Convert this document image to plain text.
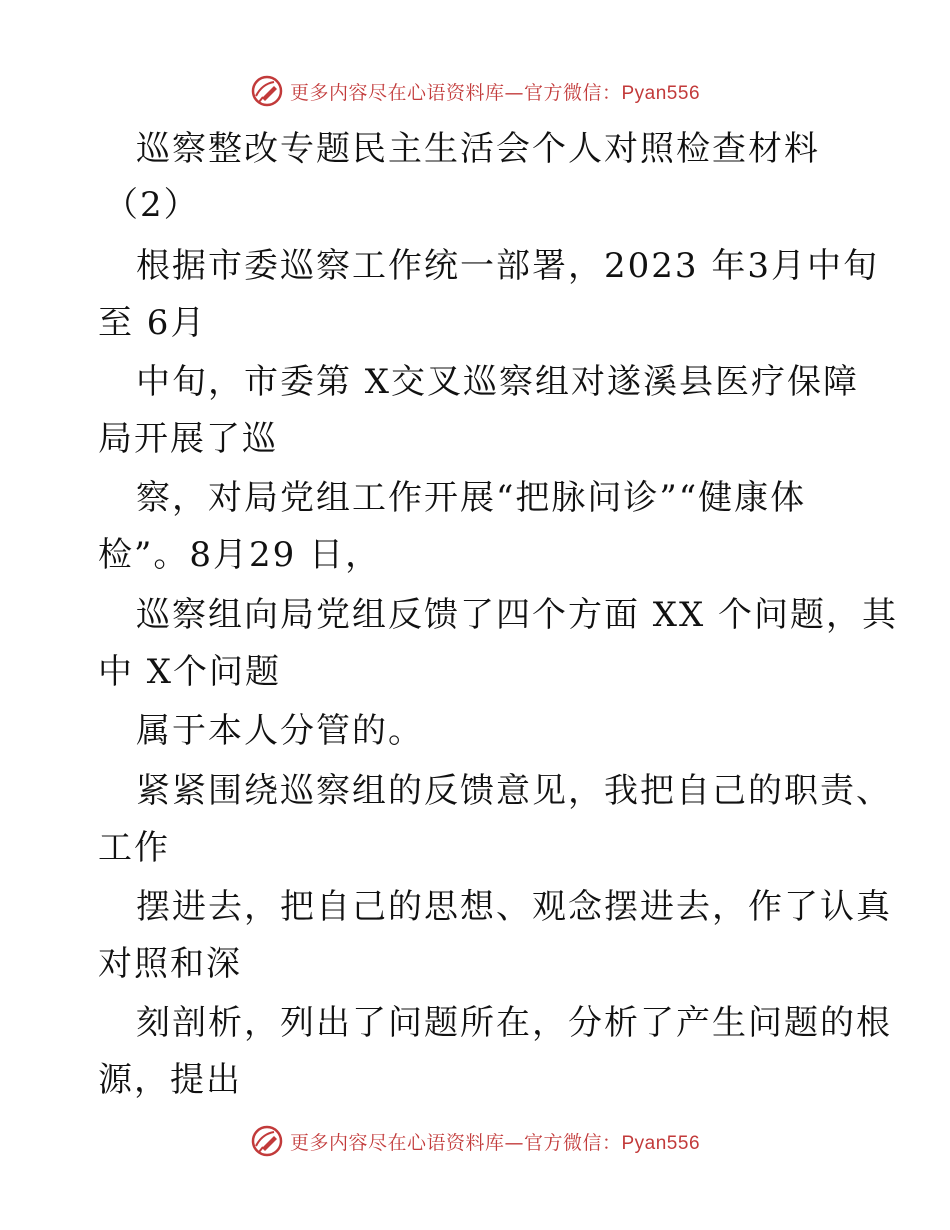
更多内容尽在心语资料库—官方微信：Pyan556
巡察整改专题民主生活会个人对照检查材料
（2）
根据市委巡察工作统一部署，2023 年3月中旬
至 6月
中旬，市委第 X交叉巡察组对遂溪县医疗保障
局开展了巡
察，对局党组工作开展“把脉问诊”“健康体
检”。8月29 日，
巡察组向局党组反馈了四个方面 XX 个问题，其
中 X个问题
属于本人分管的。
紧紧围绕巡察组的反馈意见，我把自己的职责、
工作
摆进去，把自己的思想、观念摆进去，作了认真
对照和深
刻剖析，列出了问题所在，分析了产生问题的根
源，提出
更多内容尽在心语资料库—官方微信：Pyan556
